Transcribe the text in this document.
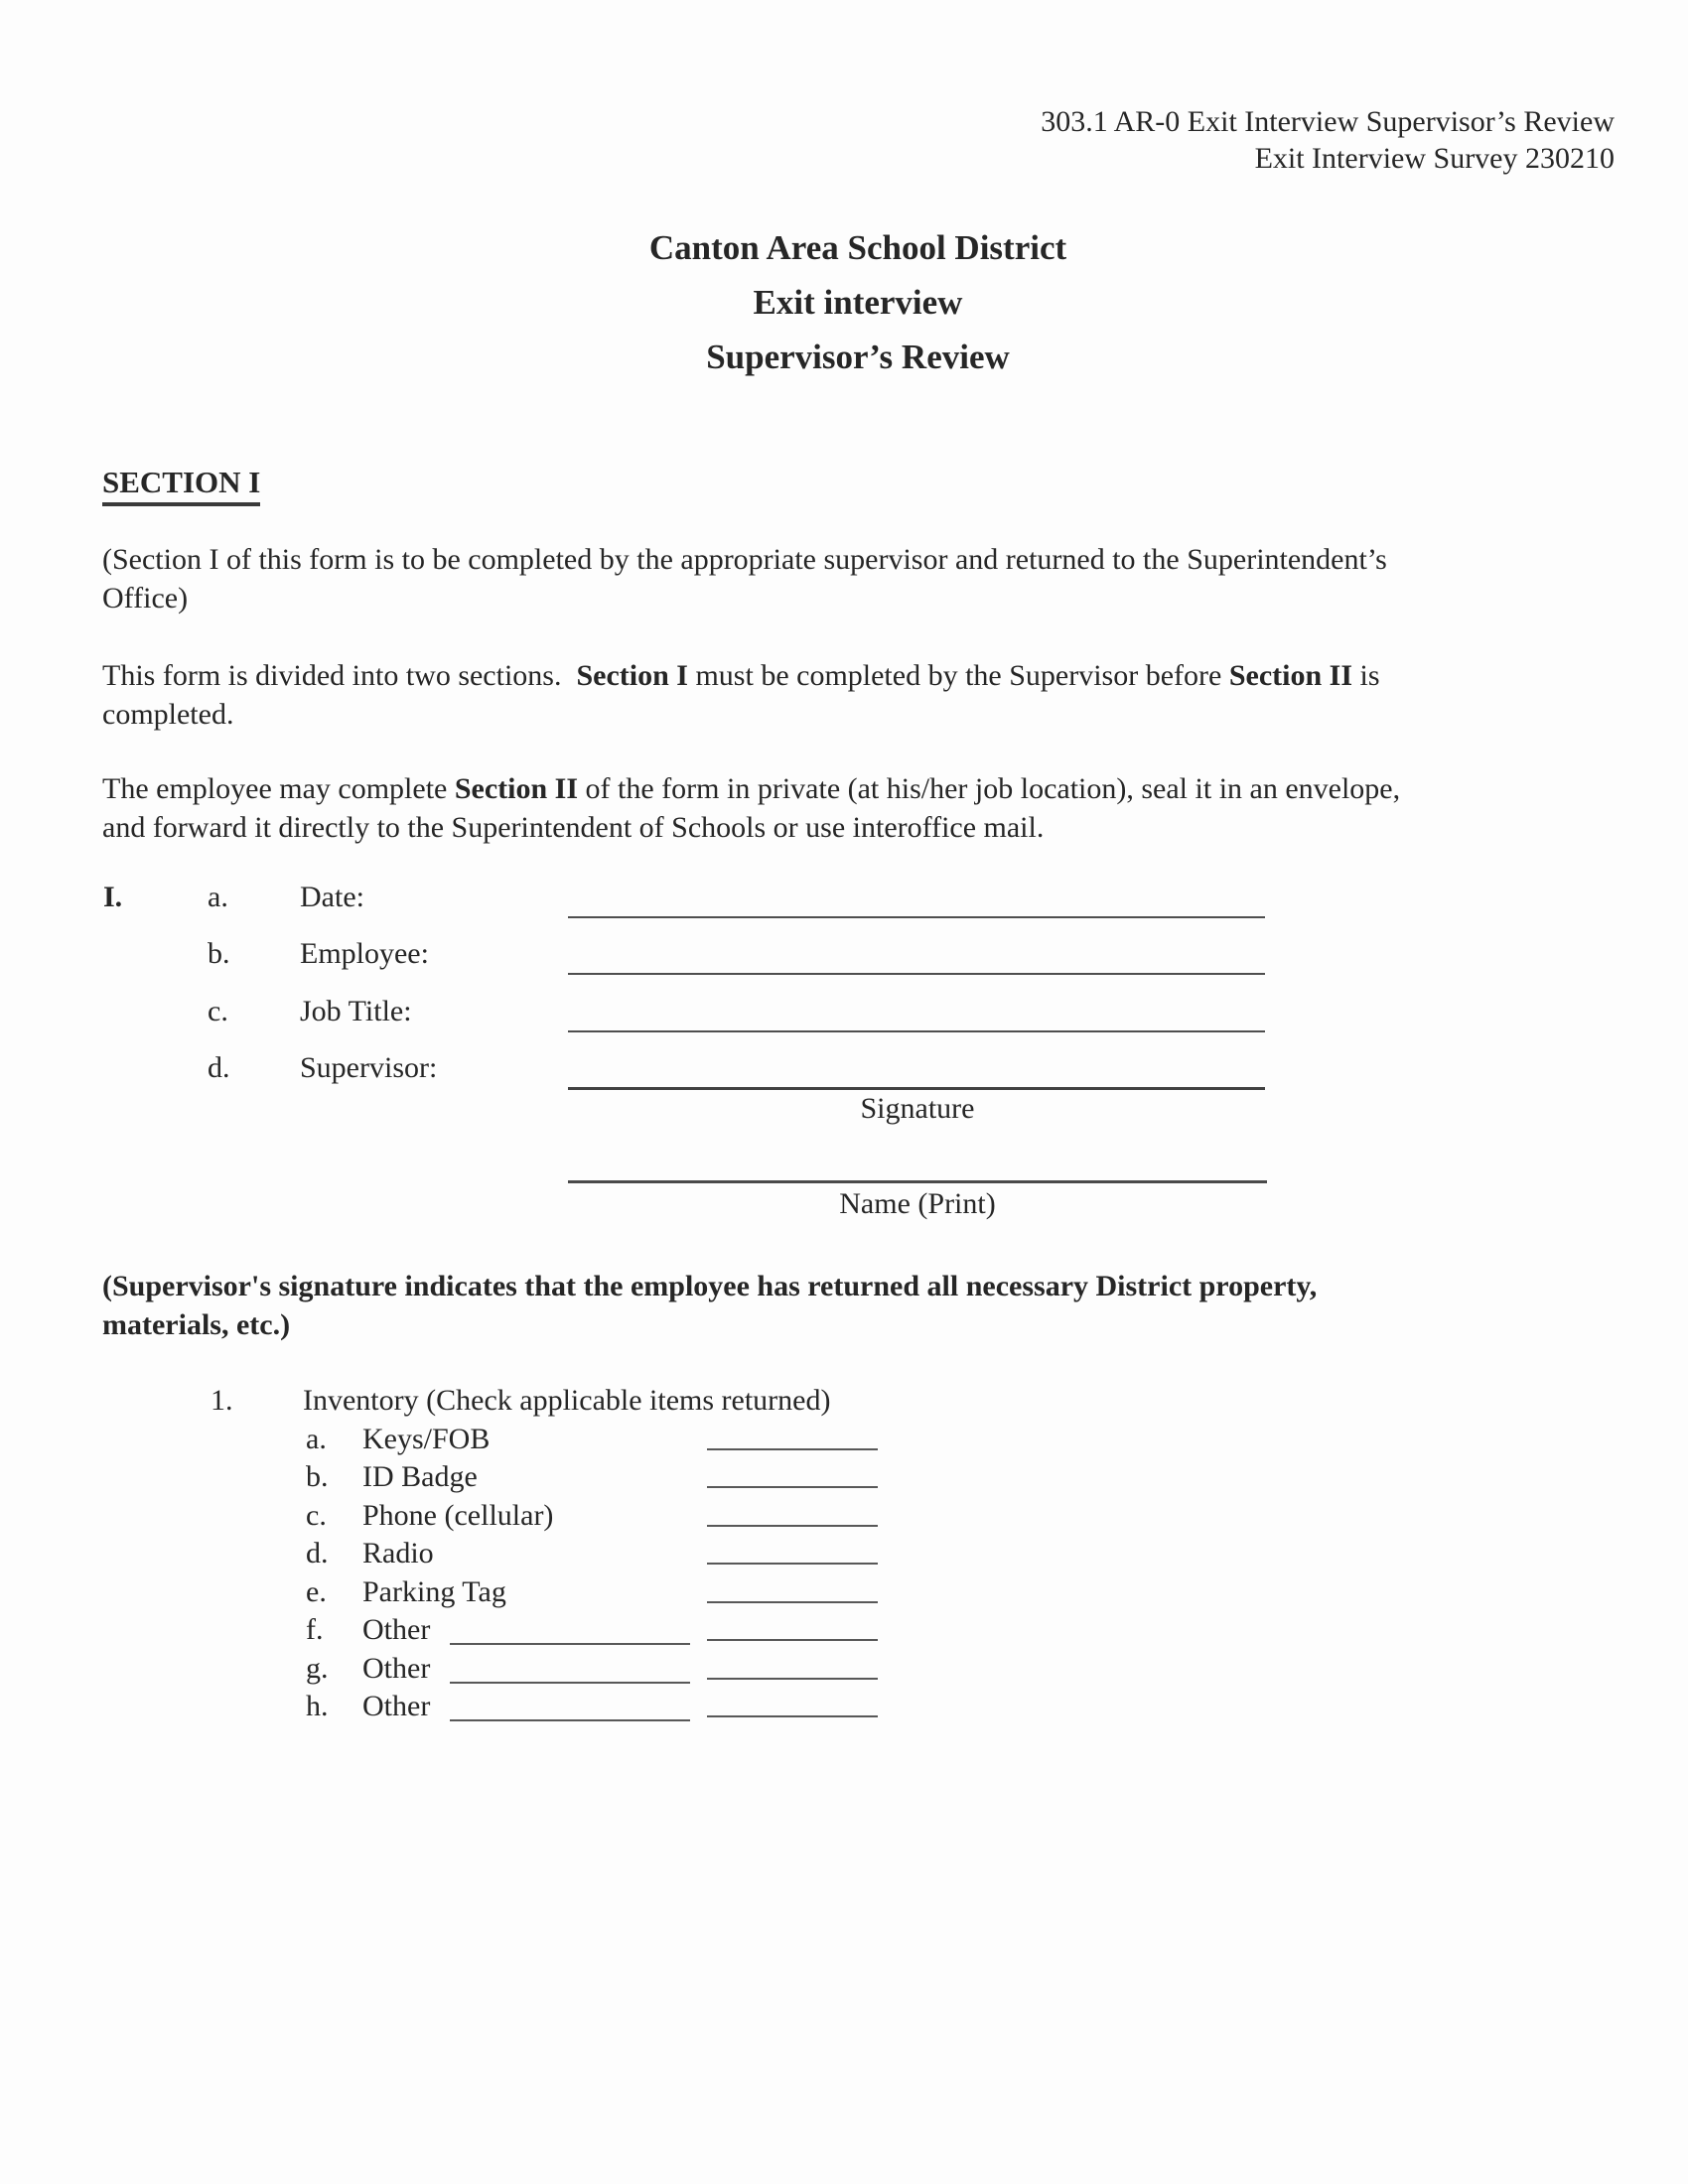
303.1 AR-0 Exit Interview Supervisor’s Review
Exit Interview Survey 230210
Canton Area School District
Exit interview
Supervisor’s Review
SECTION I
(Section I of this form is to be completed by the appropriate supervisor and returned to the Superintendent’s
Office)
This form is divided into two sections.  Section I must be completed by the Supervisor before Section II is
completed.
The employee may complete Section II of the form in private (at his/her job location), seal it in an envelope,
and forward it directly to the Superintendent of Schools or use interoffice mail.
I.	a. Date:
b. Employee:
c. Job Title:
d. Supervisor:
Signature
Name (Print)
(Supervisor's signature indicates that the employee has returned all necessary District property,
materials, etc.)
1. Inventory (Check applicable items returned)
a. Keys/FOB
b. ID Badge
c. Phone (cellular)
d. Radio
e. Parking Tag
f. Other
g. Other
h. Other
